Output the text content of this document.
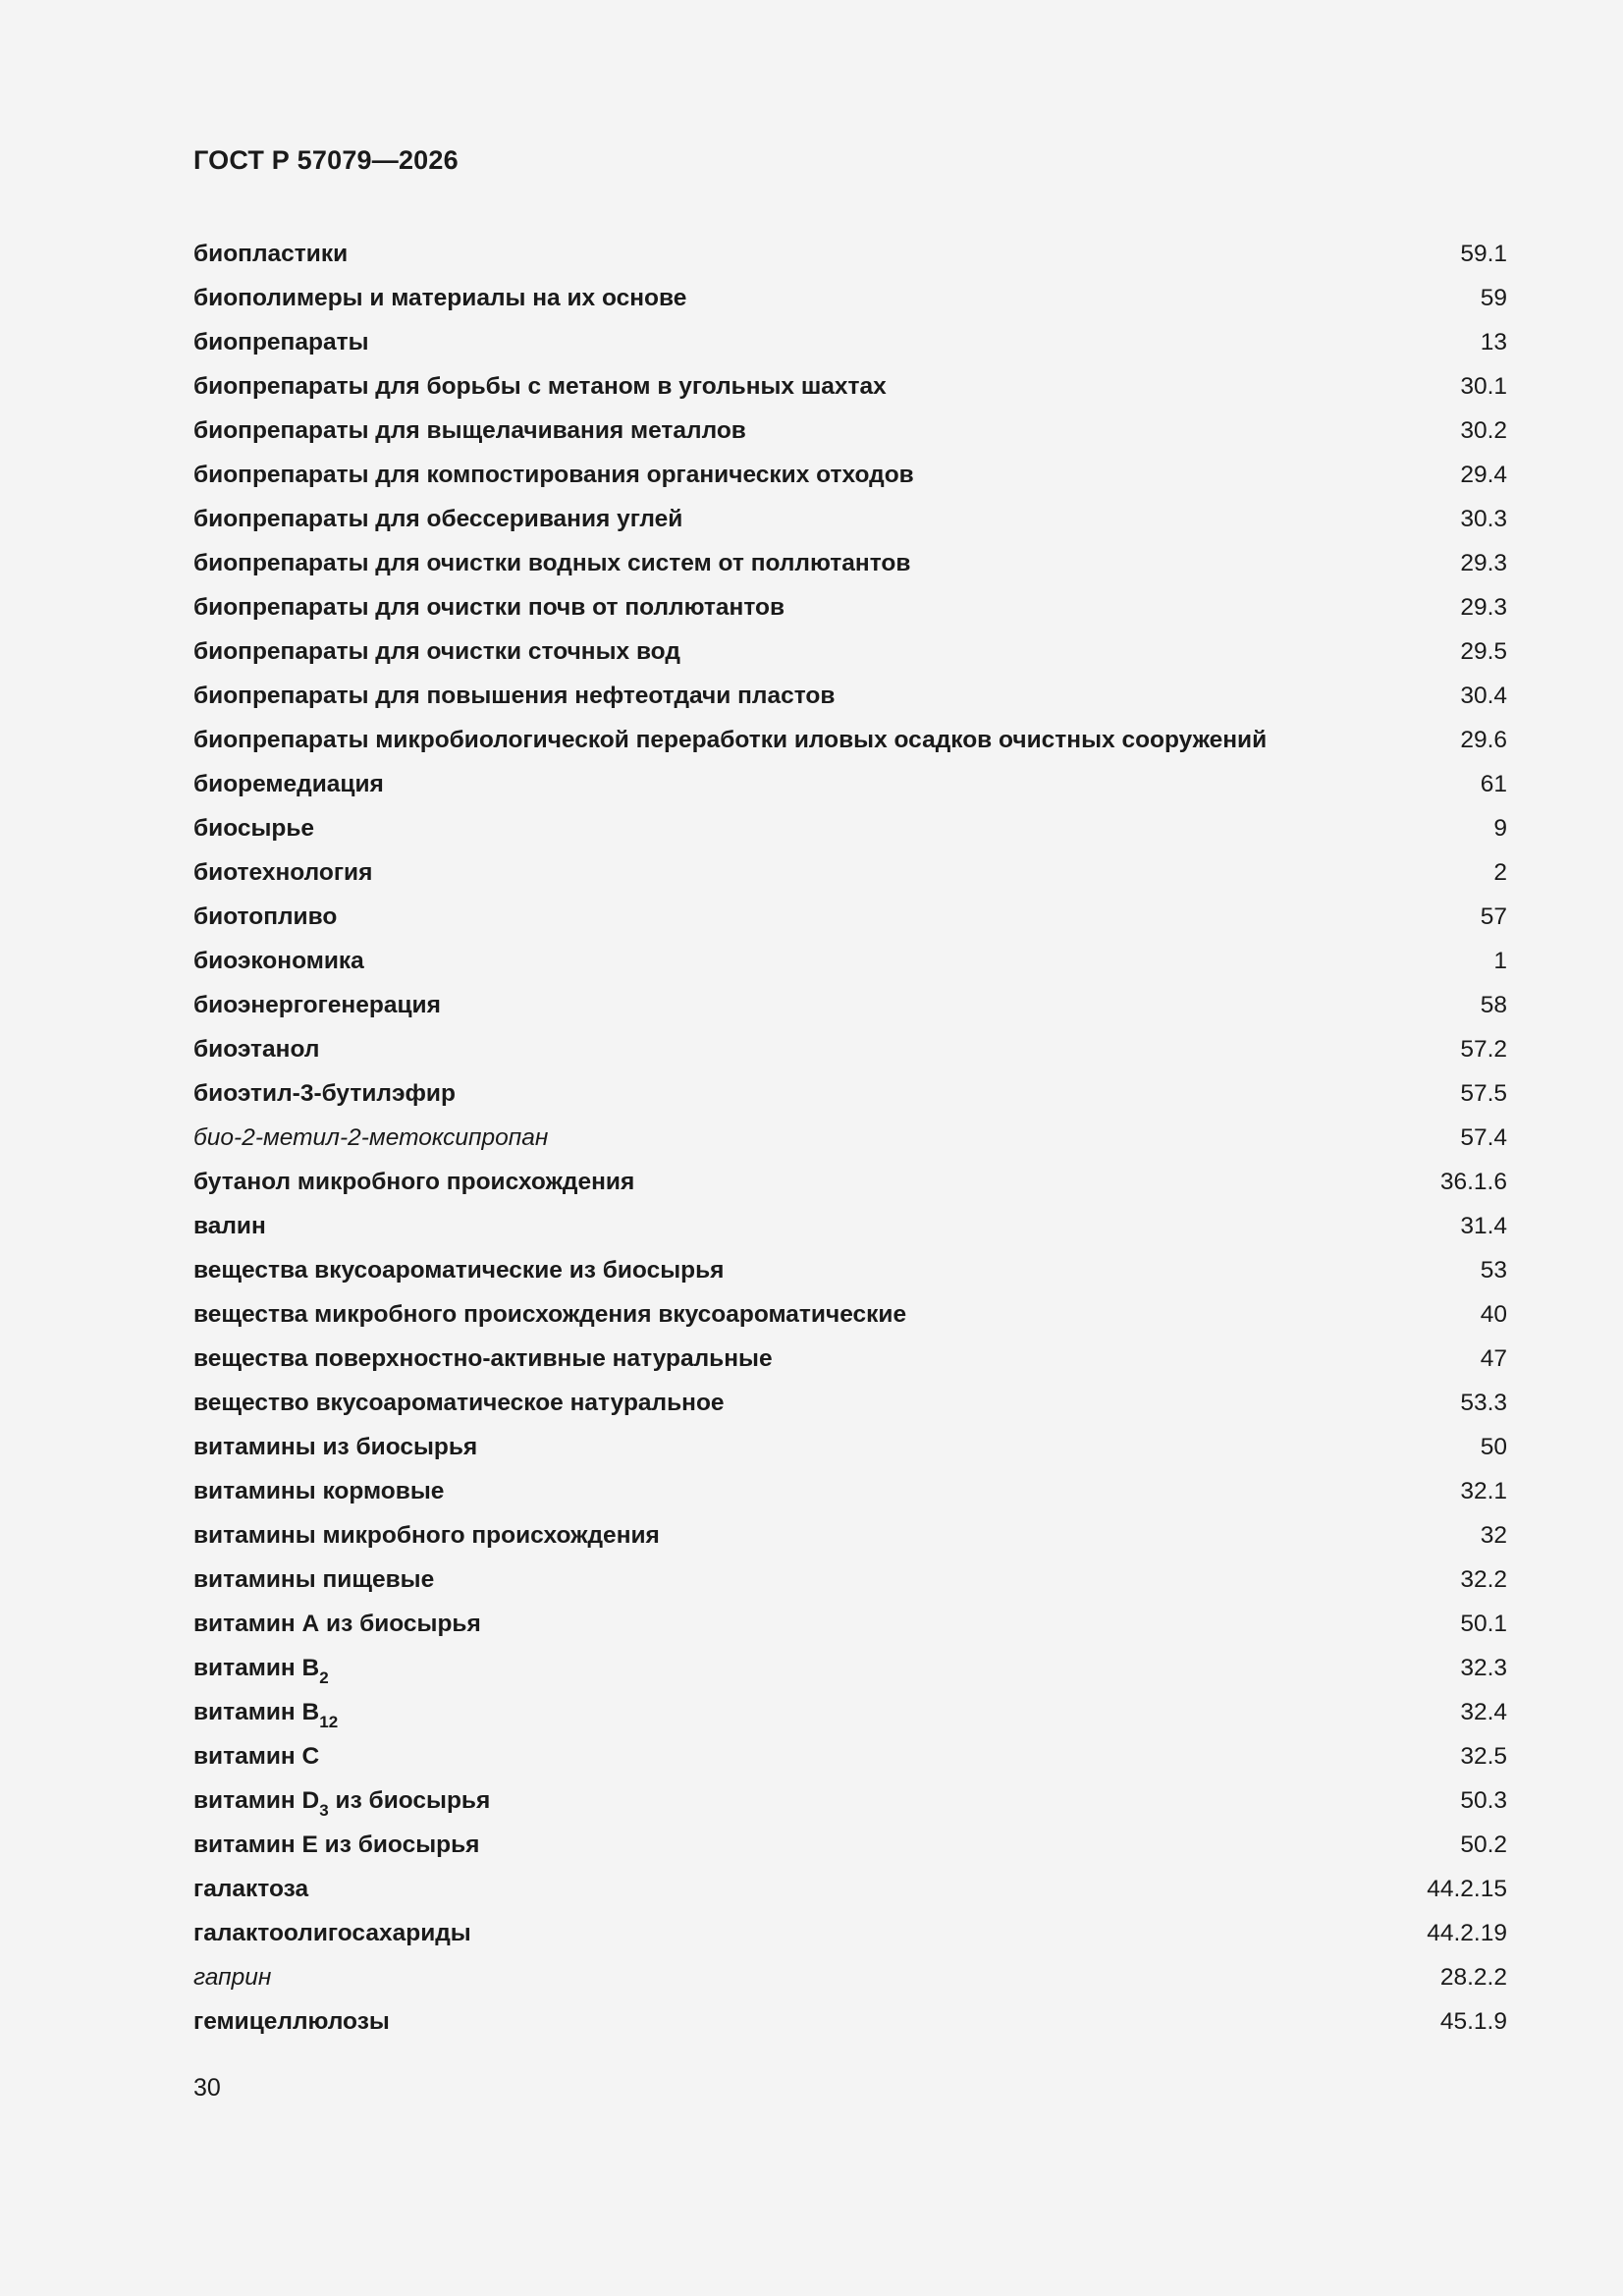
ГОСТ Р 57079—2026
биопластики	59.1
биополимеры и материалы на их основе	59
биопрепараты	13
биопрепараты для борьбы с метаном в угольных шахтах	30.1
биопрепараты для выщелачивания металлов	30.2
биопрепараты для компостирования органических отходов	29.4
биопрепараты для обессеривания углей	30.3
биопрепараты для очистки водных систем от поллютантов	29.3
биопрепараты для очистки почв от поллютантов	29.3
биопрепараты для очистки сточных вод	29.5
биопрепараты для повышения нефтеотдачи пластов	30.4
биопрепараты микробиологической переработки иловых осадков очистных сооружений	29.6
биоремедиация	61
биосырье	9
биотехнология	2
биотопливо	57
биоэкономика	1
биоэнергогенерация	58
биоэтанол	57.2
биоэтил-3-бутилэфир	57.5
био-2-метил-2-метоксипропан	57.4
бутанол микробного происхождения	36.1.6
валин	31.4
вещества вкусоароматические из биосырья	53
вещества микробного происхождения вкусоароматические	40
вещества поверхностно-активные натуральные	47
вещество вкусоароматическое натуральное	53.3
витамины из биосырья	50
витамины кормовые	32.1
витамины микробного происхождения	32
витамины пищевые	32.2
витамин А из биосырья	50.1
витамин $B_2$	32.3
витамин $B_{12}$	32.4
витамин С	32.5
витамин $D_3$ из биосырья	50.3
витамин Е из биосырья	50.2
галактоза	44.2.15
галактоолигосахариды	44.2.19
гаприн	28.2.2
гемицеллюлозы	45.1.9
30
